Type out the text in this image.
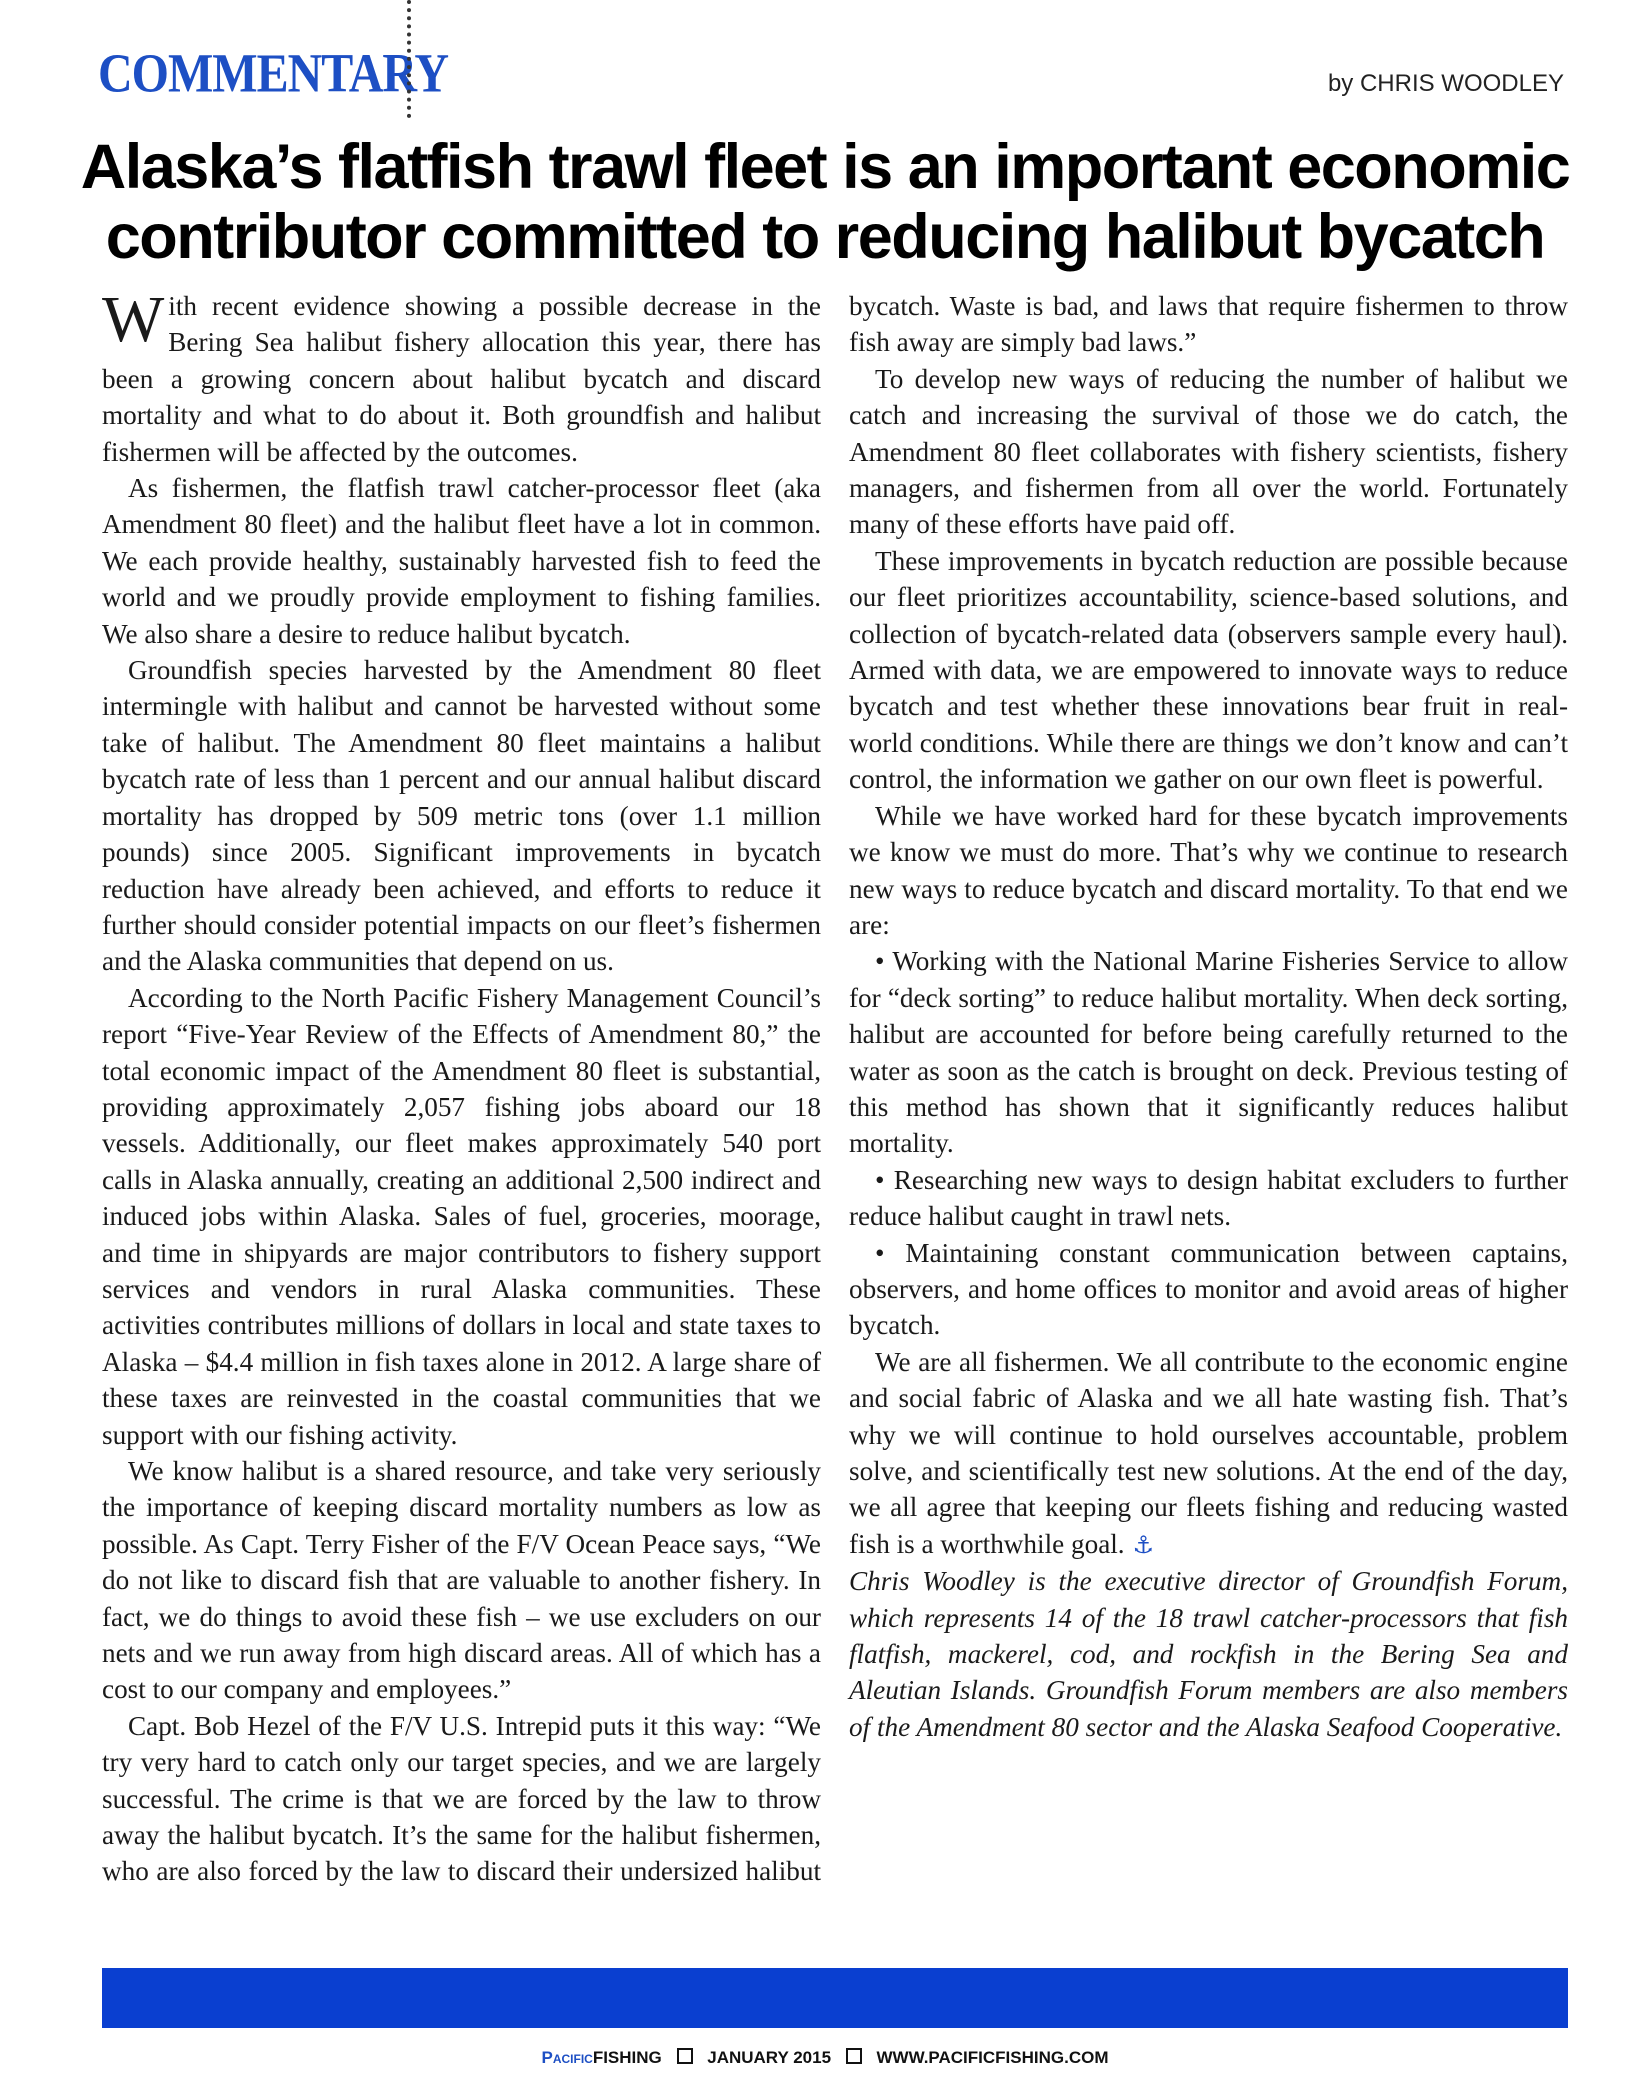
COMMENTARY	by CHRIS WOODLEY
Alaska’s flatfish trawl fleet is an important economic
contributor committed to reducing halibut bycatch

With recent evidence showing a possible decrease in the Bering Sea halibut fishery allocation this year, there has been a growing concern about halibut bycatch and discard mortality and what to do about it. Both groundfish and halibut fishermen will be affected by the outcomes.

As fishermen, the flatfish trawl catcher-processor fleet (aka Amendment 80 fleet) and the halibut fleet have a lot in common. We each provide healthy, sustainably harvested fish to feed the world and we proudly provide employment to fishing families. We also share a desire to reduce halibut bycatch.

Groundfish species harvested by the Amendment 80 fleet intermingle with halibut and cannot be harvested without some take of halibut. The Amendment 80 fleet maintains a halibut bycatch rate of less than 1 percent and our annual halibut discard mortality has dropped by 509 metric tons (over 1.1 million pounds) since 2005. Significant improvements in bycatch reduction have already been achieved, and efforts to reduce it further should consider potential impacts on our fleet’s fishermen and the Alaska communities that depend on us.

According to the North Pacific Fishery Management Council’s report “Five-Year Review of the Effects of Amendment 80,” the total economic impact of the Amendment 80 fleet is substantial, providing approximately 2,057 fishing jobs aboard our 18 vessels. Additionally, our fleet makes approximately 540 port calls in Alaska annually, creating an additional 2,500 indirect and induced jobs within Alaska. Sales of fuel, groceries, moorage, and time in shipyards are major contributors to fishery support services and vendors in rural Alaska communities. These activities contributes millions of dollars in local and state taxes to Alaska – $4.4 million in fish taxes alone in 2012. A large share of these taxes are reinvested in the coastal communities that we support with our fishing activity.

We know halibut is a shared resource, and take very seriously the importance of keeping discard mortality numbers as low as possible. As Capt. Terry Fisher of the F/V Ocean Peace says, “We do not like to discard fish that are valuable to another fishery. In fact, we do things to avoid these fish – we use excluders on our nets and we run away from high discard areas. All of which has a cost to our company and employees.”

Capt. Bob Hezel of the F/V U.S. Intrepid puts it this way: “We try very hard to catch only our target species, and we are largely successful. The crime is that we are forced by the law to throw away the halibut bycatch. It’s the same for the halibut fishermen, who are also forced by the law to discard their undersized halibut bycatch. Waste is bad, and laws that require fishermen to throw fish away are simply bad laws.”

To develop new ways of reducing the number of halibut we catch and increasing the survival of those we do catch, the Amendment 80 fleet collaborates with fishery scientists, fishery managers, and fishermen from all over the world. Fortunately many of these efforts have paid off.

These improvements in bycatch reduction are possible because our fleet prioritizes accountability, science-based solutions, and collection of bycatch-related data (observers sample every haul). Armed with data, we are empowered to innovate ways to reduce bycatch and test whether these innovations bear fruit in real-world conditions. While there are things we don’t know and can’t control, the information we gather on our own fleet is powerful.

While we have worked hard for these bycatch improvements we know we must do more. That’s why we continue to research new ways to reduce bycatch and discard mortality. To that end we are:

• Working with the National Marine Fisheries Service to allow for “deck sorting” to reduce halibut mortality. When deck sorting, halibut are accounted for before being carefully returned to the water as soon as the catch is brought on deck. Previous testing of this method has shown that it significantly reduces halibut mortality.

• Researching new ways to design habitat excluders to further reduce halibut caught in trawl nets.

• Maintaining constant communication between captains, observers, and home offices to monitor and avoid areas of higher bycatch.

We are all fishermen. We all contribute to the economic engine and social fabric of Alaska and we all hate wasting fish. That’s why we will continue to hold ourselves accountable, problem solve, and scientifically test new solutions. At the end of the day, we all agree that keeping our fleets fishing and reducing wasted fish is a worthwhile goal. ⚓

Chris Woodley is the executive director of Groundfish Forum, which represents 14 of the 18 trawl catcher-processors that fish flatfish, mackerel, cod, and rockfish in the Bering Sea and Aleutian Islands. Groundfish Forum members are also members of the Amendment 80 sector and the Alaska Seafood Cooperative.

PacificFISHING	JANUARY 2015	WWW.PACIFICFISHING.COM
